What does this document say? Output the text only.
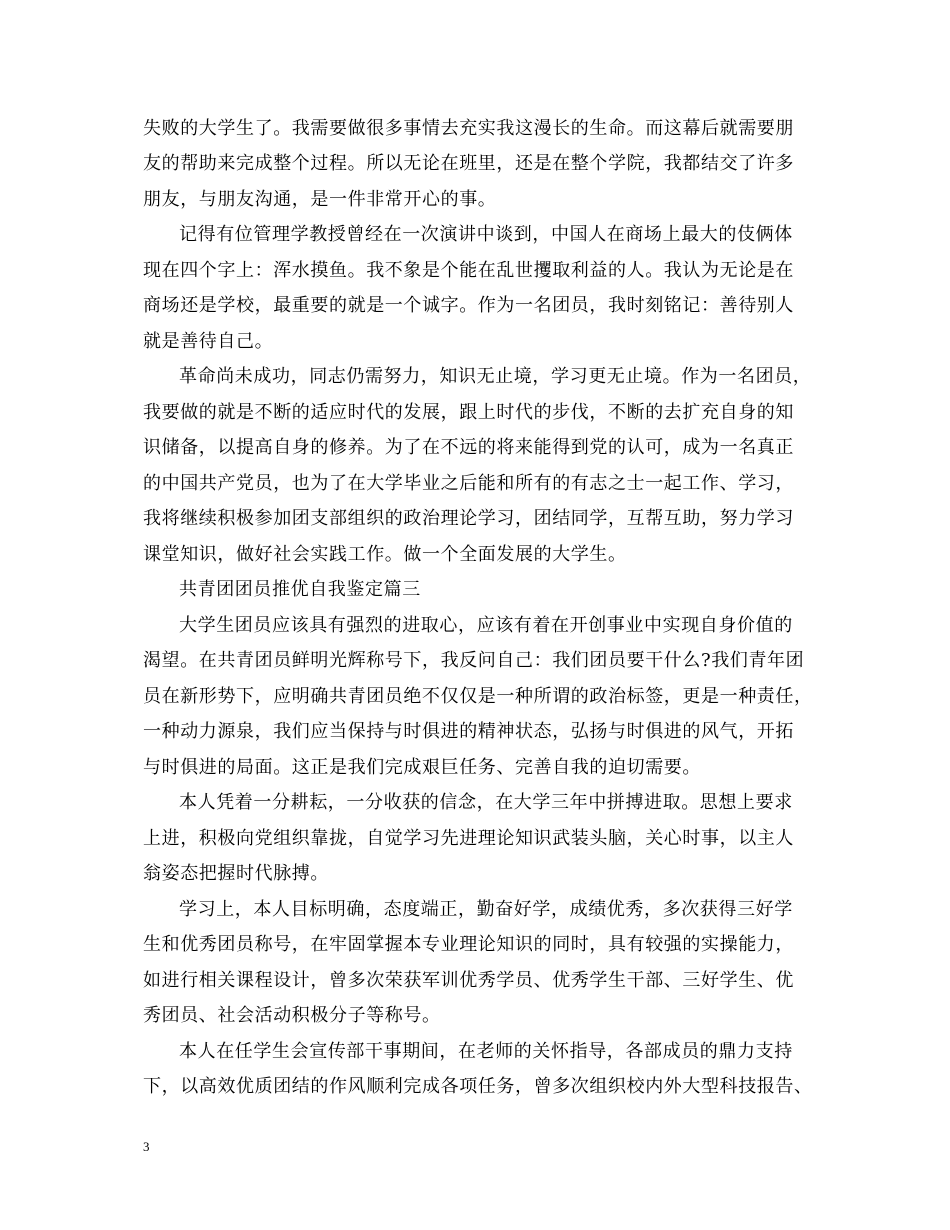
失败的大学生了。我需要做很多事情去充实我这漫长的生命。而这幕后就需要朋
友的帮助来完成整个过程。所以无论在班里，还是在整个学院，我都结交了许多
朋友，与朋友沟通，是一件非常开心的事。
记得有位管理学教授曾经在一次演讲中谈到，中国人在商场上最大的伎俩体
现在四个字上：浑水摸鱼。我不象是个能在乱世攫取利益的人。我认为无论是在
商场还是学校，最重要的就是一个诚字。作为一名团员，我时刻铭记：善待别人
就是善待自己。
革命尚未成功，同志仍需努力，知识无止境，学习更无止境。作为一名团员，
我要做的就是不断的适应时代的发展，跟上时代的步伐，不断的去扩充自身的知
识储备，以提高自身的修养。为了在不远的将来能得到党的认可，成为一名真正
的中国共产党员，也为了在大学毕业之后能和所有的有志之士一起工作、学习，
我将继续积极参加团支部组织的政治理论学习，团结同学，互帮互助，努力学习
课堂知识，做好社会实践工作。做一个全面发展的大学生。
共青团团员推优自我鉴定篇三
大学生团员应该具有强烈的进取心，应该有着在开创事业中实现自身价值的
渴望。在共青团员鲜明光辉称号下，我反问自己：我们团员要干什么?我们青年团
员在新形势下，应明确共青团员绝不仅仅是一种所谓的政治标签，更是一种责任，
一种动力源泉，我们应当保持与时俱进的精神状态，弘扬与时俱进的风气，开拓
与时俱进的局面。这正是我们完成艰巨任务、完善自我的迫切需要。
本人凭着一分耕耘，一分收获的信念，在大学三年中拼搏进取。思想上要求
上进，积极向党组织靠拢，自觉学习先进理论知识武装头脑，关心时事，以主人
翁姿态把握时代脉搏。
学习上，本人目标明确，态度端正，勤奋好学，成绩优秀，多次获得三好学
生和优秀团员称号，在牢固掌握本专业理论知识的同时，具有较强的实操能力，
如进行相关课程设计，曾多次荣获军训优秀学员、优秀学生干部、三好学生、优
秀团员、社会活动积极分子等称号。
本人在任学生会宣传部干事期间，在老师的关怀指导，各部成员的鼎力支持
下，以高效优质团结的作风顺利完成各项任务，曾多次组织校内外大型科技报告、
3
